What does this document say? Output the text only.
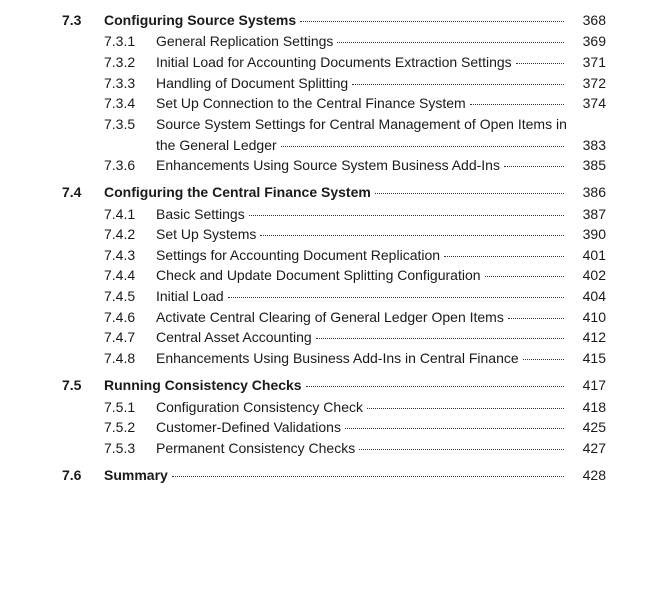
7.3 Configuring Source Systems	368
7.3.1 General Replication Settings	369
7.3.2 Initial Load for Accounting Documents Extraction Settings	371
7.3.3 Handling of Document Splitting	372
7.3.4 Set Up Connection to the Central Finance System	374
7.3.5 Source System Settings for Central Management of Open Items in
the General Ledger	383
7.3.6 Enhancements Using Source System Business Add-Ins	385
7.4 Configuring the Central Finance System	386
7.4.1 Basic Settings	387
7.4.2 Set Up Systems	390
7.4.3 Settings for Accounting Document Replication	401
7.4.4 Check and Update Document Splitting Configuration	402
7.4.5 Initial Load	404
7.4.6 Activate Central Clearing of General Ledger Open Items	410
7.4.7 Central Asset Accounting	412
7.4.8 Enhancements Using Business Add-Ins in Central Finance	415
7.5 Running Consistency Checks	417
7.5.1 Configuration Consistency Check	418
7.5.2 Customer-Defined Validations	425
7.5.3 Permanent Consistency Checks	427
7.6 Summary	428
